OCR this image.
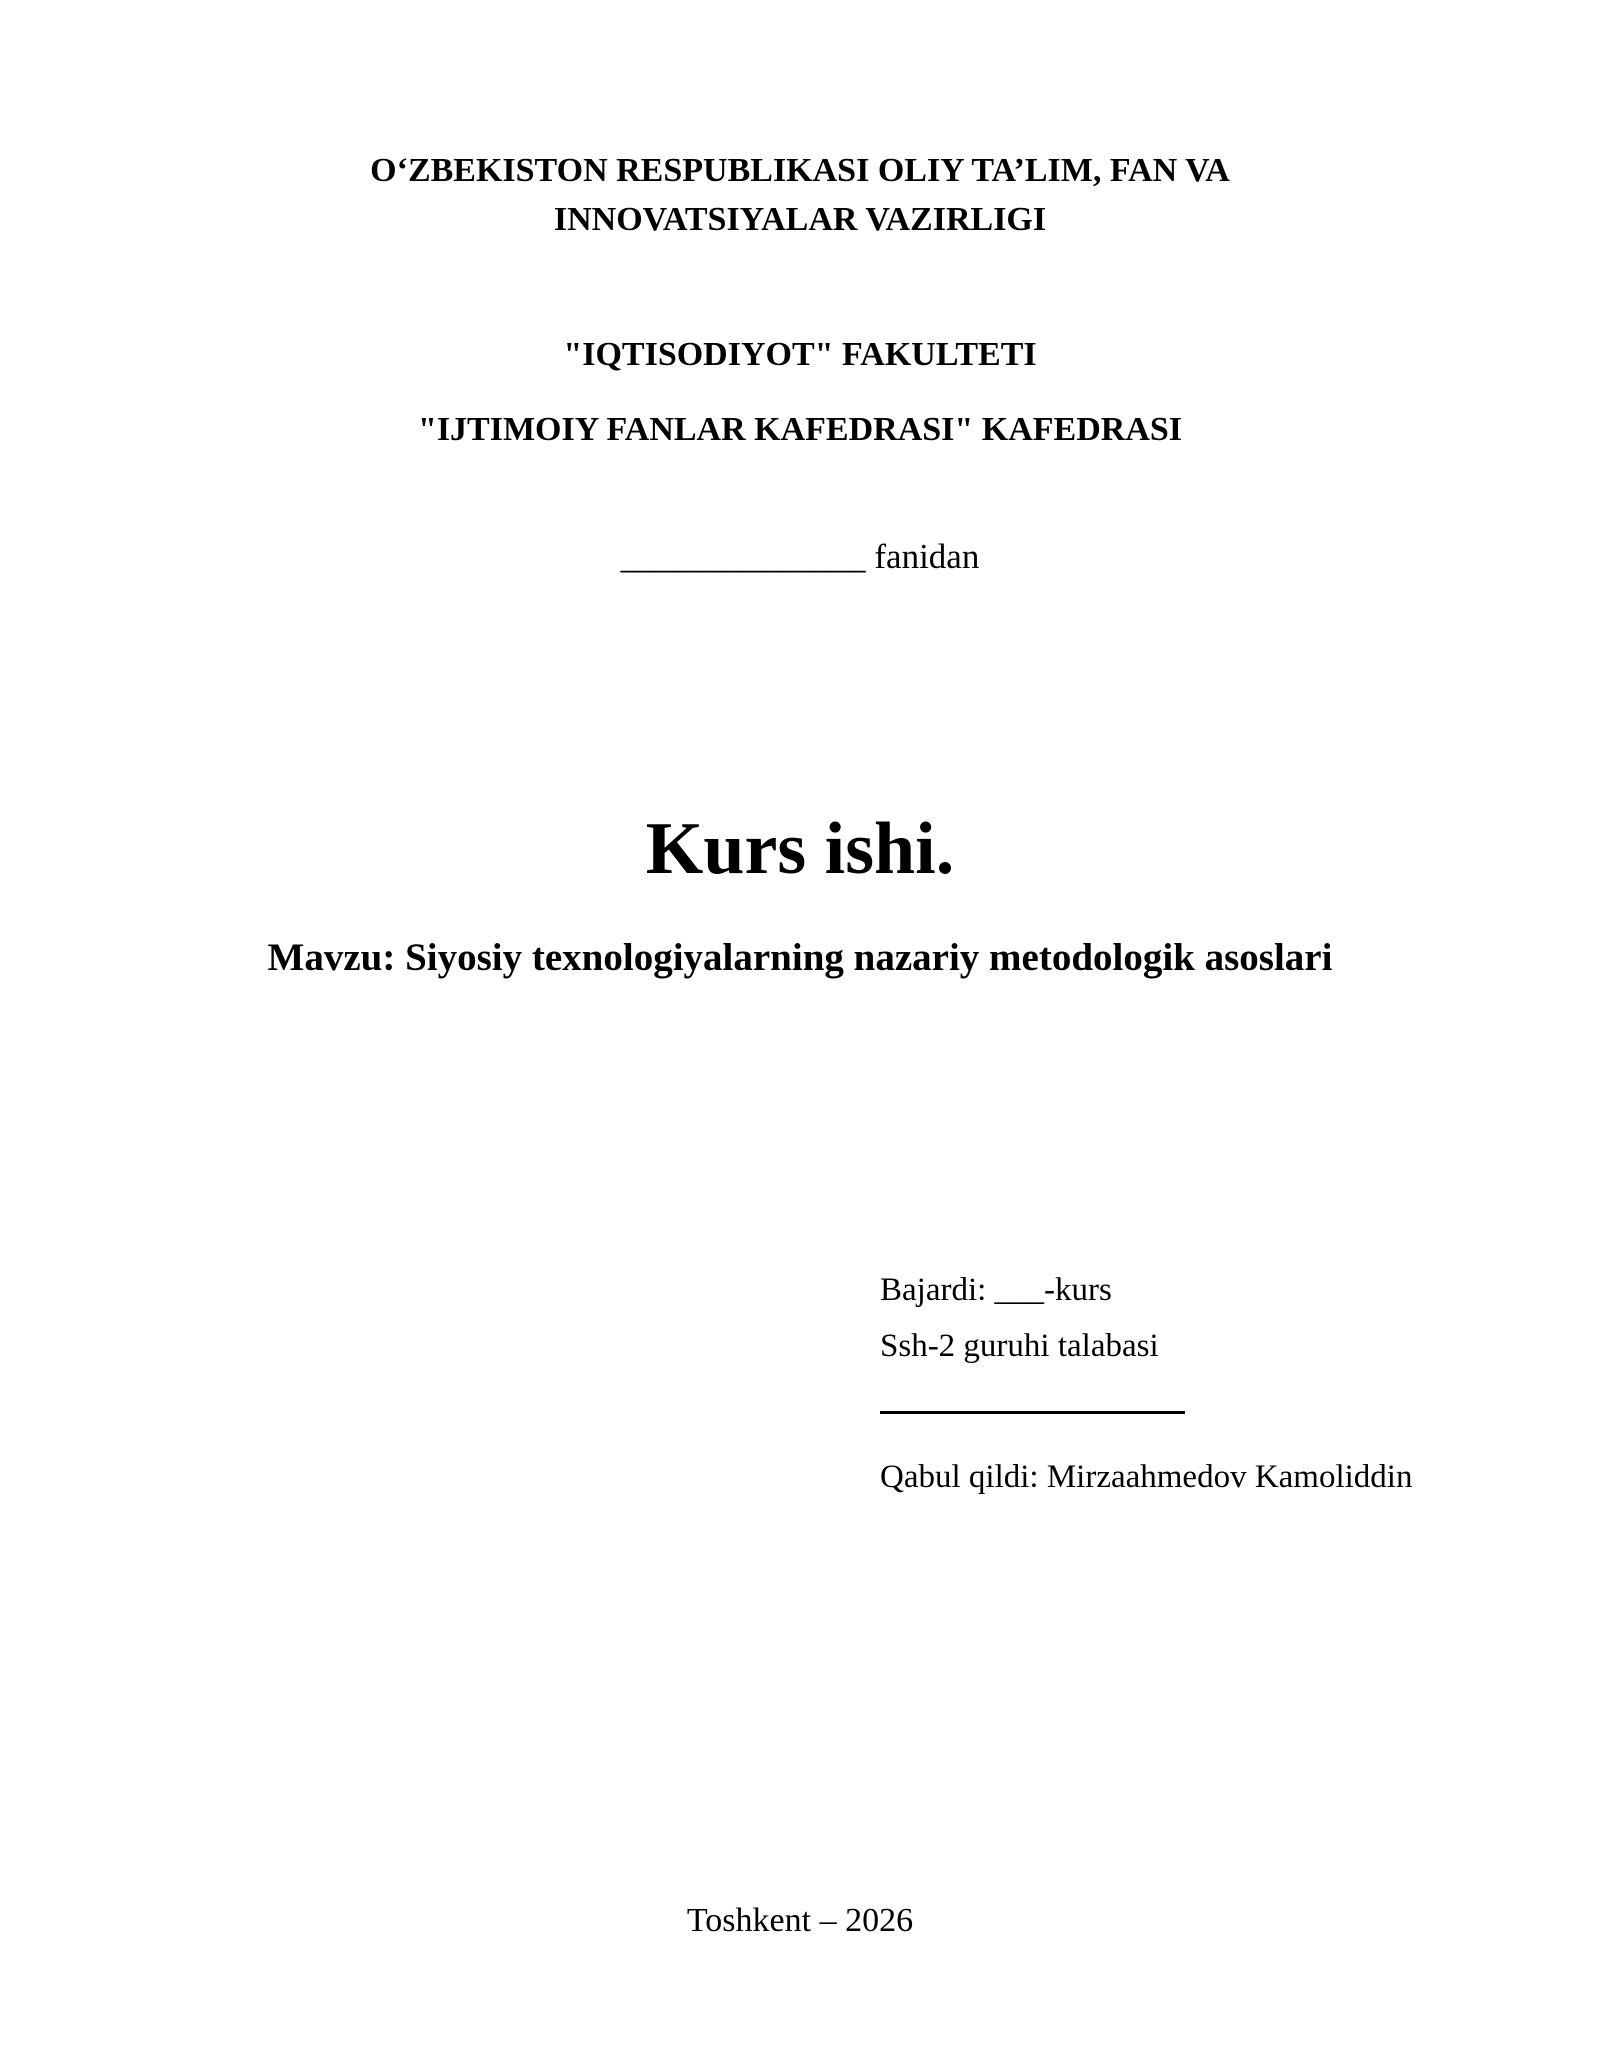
O‘ZBEKISTON RESPUBLIKASI OLIY TA’LIM, FAN VA
INNOVATSIYALAR VAZIRLIGI
"IQTISODIYOT" FAKULTETI
"IJTIMOIY FANLAR KAFEDRASI" KAFEDRASI
______________ fanidan
Kurs ishi.
Mavzu: Siyosiy texnologiyalarning nazariy metodologik asoslari
Bajardi: ___-kurs
Ssh-2 guruhi talabasi
Qabul qildi: Mirzaahmedov Kamoliddin
Toshkent – 2026
